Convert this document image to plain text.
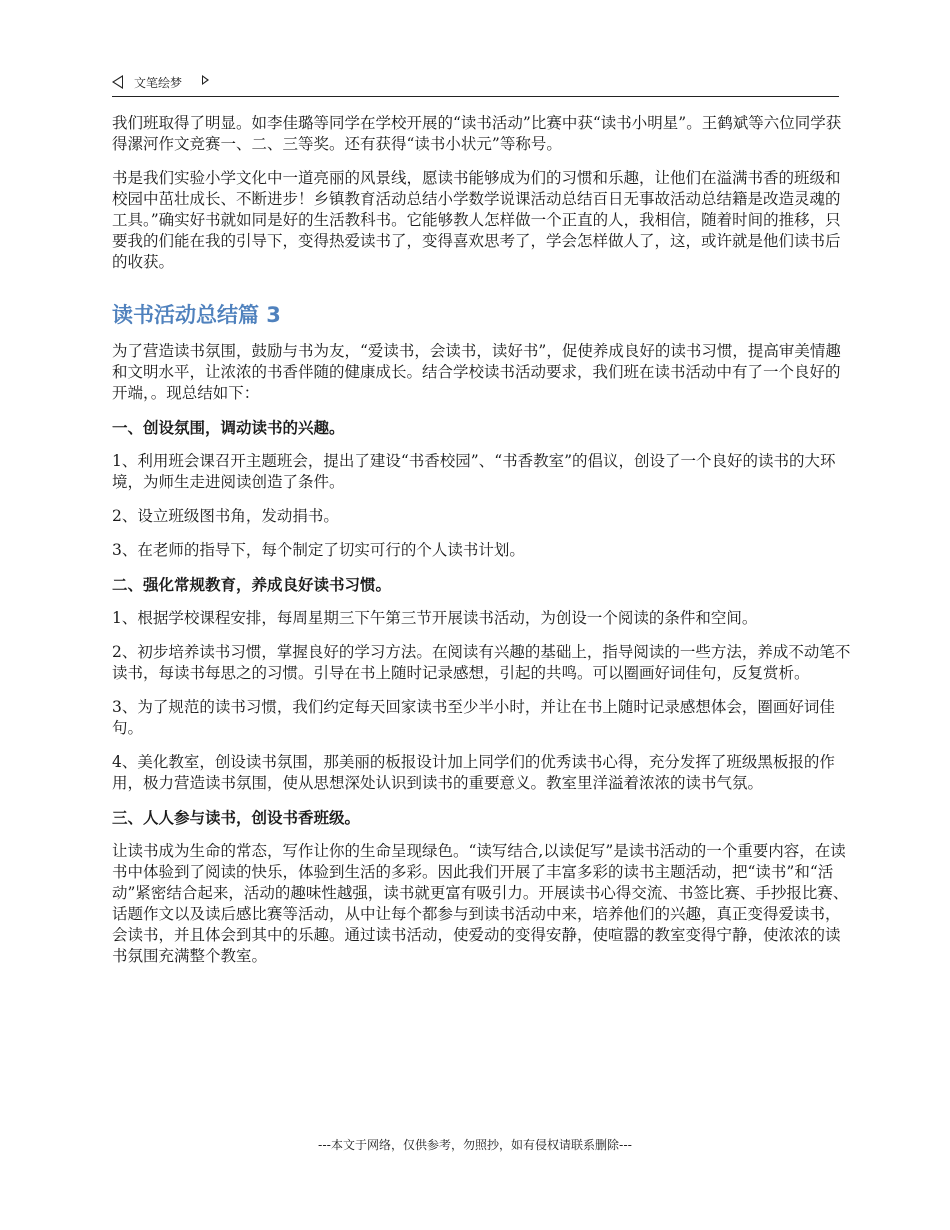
文笔绘梦

我们班取得了明显。如李佳璐等同学在学校开展的“读书活动”比赛中获“读书小明星”。王鹤斌等六位同学获得漯河作文竞赛一、二、三等奖。还有获得“读书小状元”等称号。

书是我们实验小学文化中一道亮丽的风景线，愿读书能够成为们的习惯和乐趣，让他们在溢满书香的班级和校园中茁壮成长、不断进步！乡镇教育活动总结小学数学说课活动总结百日无事故活动总结籍是改造灵魂的工具。”确实好书就如同是好的生活教科书。它能够教人怎样做一个正直的人，我相信，随着时间的推移，只要我的们能在我的引导下，变得热爱读书了，变得喜欢思考了，学会怎样做人了，这，或许就是他们读书后的收获。

读书活动总结篇 3

为了营造读书氛围，鼓励与书为友，“爱读书，会读书，读好书”，促使养成良好的读书习惯，提高审美情趣和文明水平，让浓浓的书香伴随的健康成长。结合学校读书活动要求，我们班在读书活动中有了一个良好的开端，。现总结如下：

一、创设氛围，调动读书的兴趣。

1、利用班会课召开主题班会，提出了建设“书香校园”、“书香教室”的倡议，创设了一个良好的读书的大环境，为师生走进阅读创造了条件。

2、设立班级图书角，发动捐书。

3、在老师的指导下，每个制定了切实可行的个人读书计划。

二、强化常规教育，养成良好读书习惯。

1、根据学校课程安排，每周星期三下午第三节开展读书活动，为创设一个阅读的条件和空间。

2、初步培养读书习惯，掌握良好的学习方法。在阅读有兴趣的基础上，指导阅读的一些方法，养成不动笔不读书，每读书每思之的习惯。引导在书上随时记录感想，引起的共鸣。可以圈画好词佳句，反复赏析。

3、为了规范的读书习惯，我们约定每天回家读书至少半小时，并让在书上随时记录感想体会，圈画好词佳句。

4、美化教室，创设读书氛围，那美丽的板报设计加上同学们的优秀读书心得，充分发挥了班级黑板报的作用，极力营造读书氛围，使从思想深处认识到读书的重要意义。教室里洋溢着浓浓的读书气氛。

三、人人参与读书，创设书香班级。

让读书成为生命的常态，写作让你的生命呈现绿色。“读写结合,以读促写”是读书活动的一个重要内容，在读书中体验到了阅读的快乐，体验到生活的多彩。因此我们开展了丰富多彩的读书主题活动，把“读书”和“活动”紧密结合起来，活动的趣味性越强，读书就更富有吸引力。开展读书心得交流、书签比赛、手抄报比赛、话题作文以及读后感比赛等活动，从中让每个都参与到读书活动中来，培养他们的兴趣，真正变得爱读书，会读书，并且体会到其中的乐趣。通过读书活动，使爱动的变得安静，使喧嚣的教室变得宁静，使浓浓的读书氛围充满整个教室。

---本文于网络，仅供参考，勿照抄，如有侵权请联系删除---
